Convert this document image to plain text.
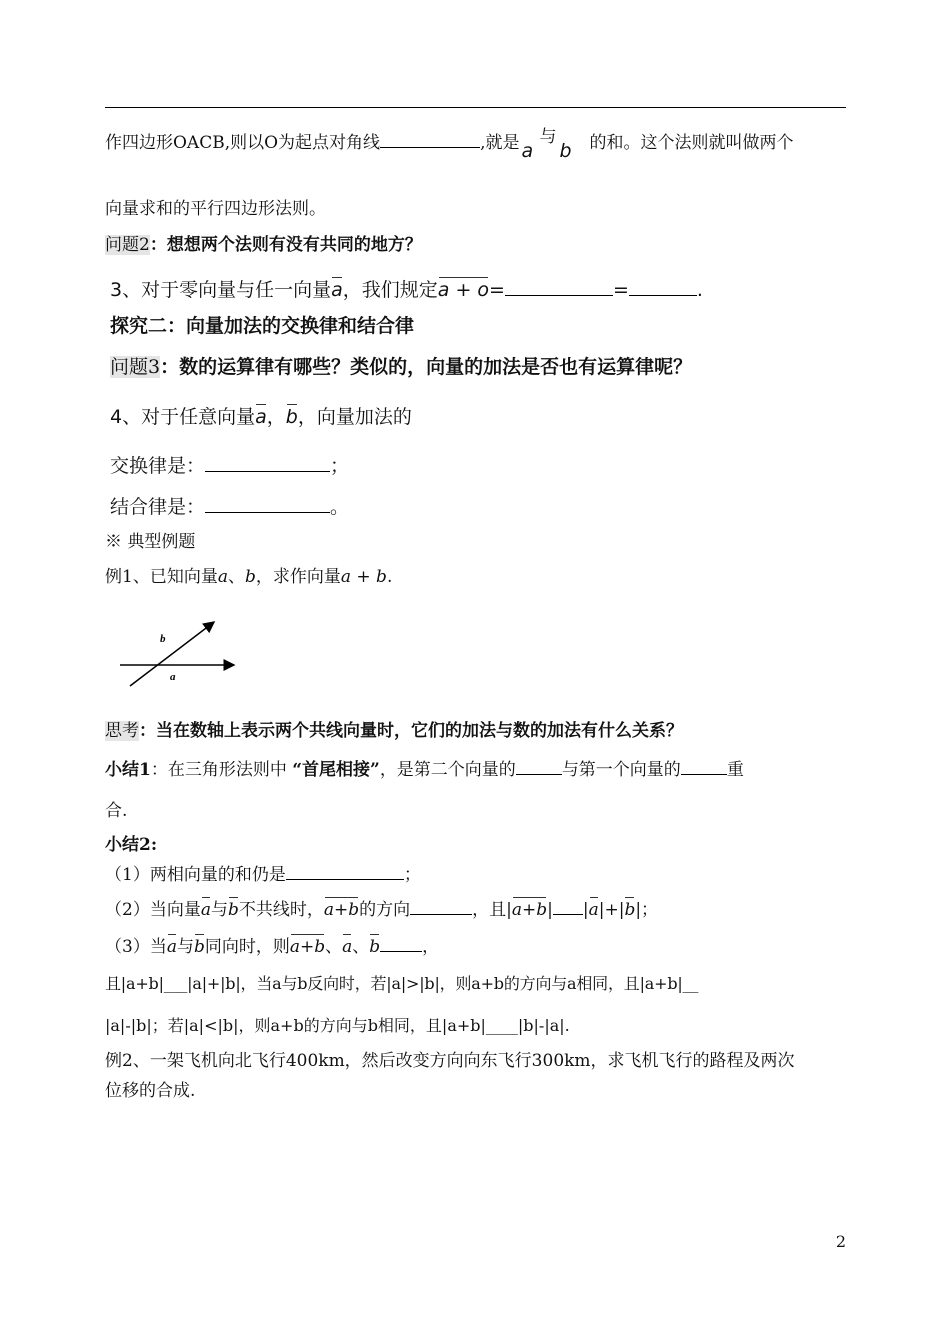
作四边形OACB,则以O为起点对角线	,就是 a
与
b 的和。这个法则就叫做两个
向量求和的平行四边形法则。
问题2：想想两个法则有没有共同的地方？
3、对于零向量与任一向量a，我们规定a + o=	=	.
探究二：向量加法的交换律和结合律
问题3：数的运算律有哪些？类似的，向量的加法是否也有运算律呢？
4、对于任意向量a，b，向量加法的
交换律是：	；
结合律是：	。
※ 典型例题
例1、已知向量a、b，求作向量a + b.
a
b
思考：当在数轴上表示两个共线向量时，它们的加法与数的加法有什么关系？
小结1：在三角形法则中 “首尾相接”，是第二个向量的	与第一个向量的	重
合.
小结2:
（1）两相向量的和仍是	；
（2）当向量a与b不共线时，a+b的方向	，且|a+b| |a|+|b|；
（3）当a与b同向时，则a+b、a、b ，
且|a+b|___|a|+|b|，当a与b反向时，若|a|>|b|，则a+b的方向与a相同，且|a+b|__
|a|-|b|；若|a|<|b|，则a+b的方向与b相同，且|a+b|____|b|-|a|.
例2、一架飞机向北飞行400km，然后改变方向向东飞行300km，求飞机飞行的路程及两次
位移的合成.
2
